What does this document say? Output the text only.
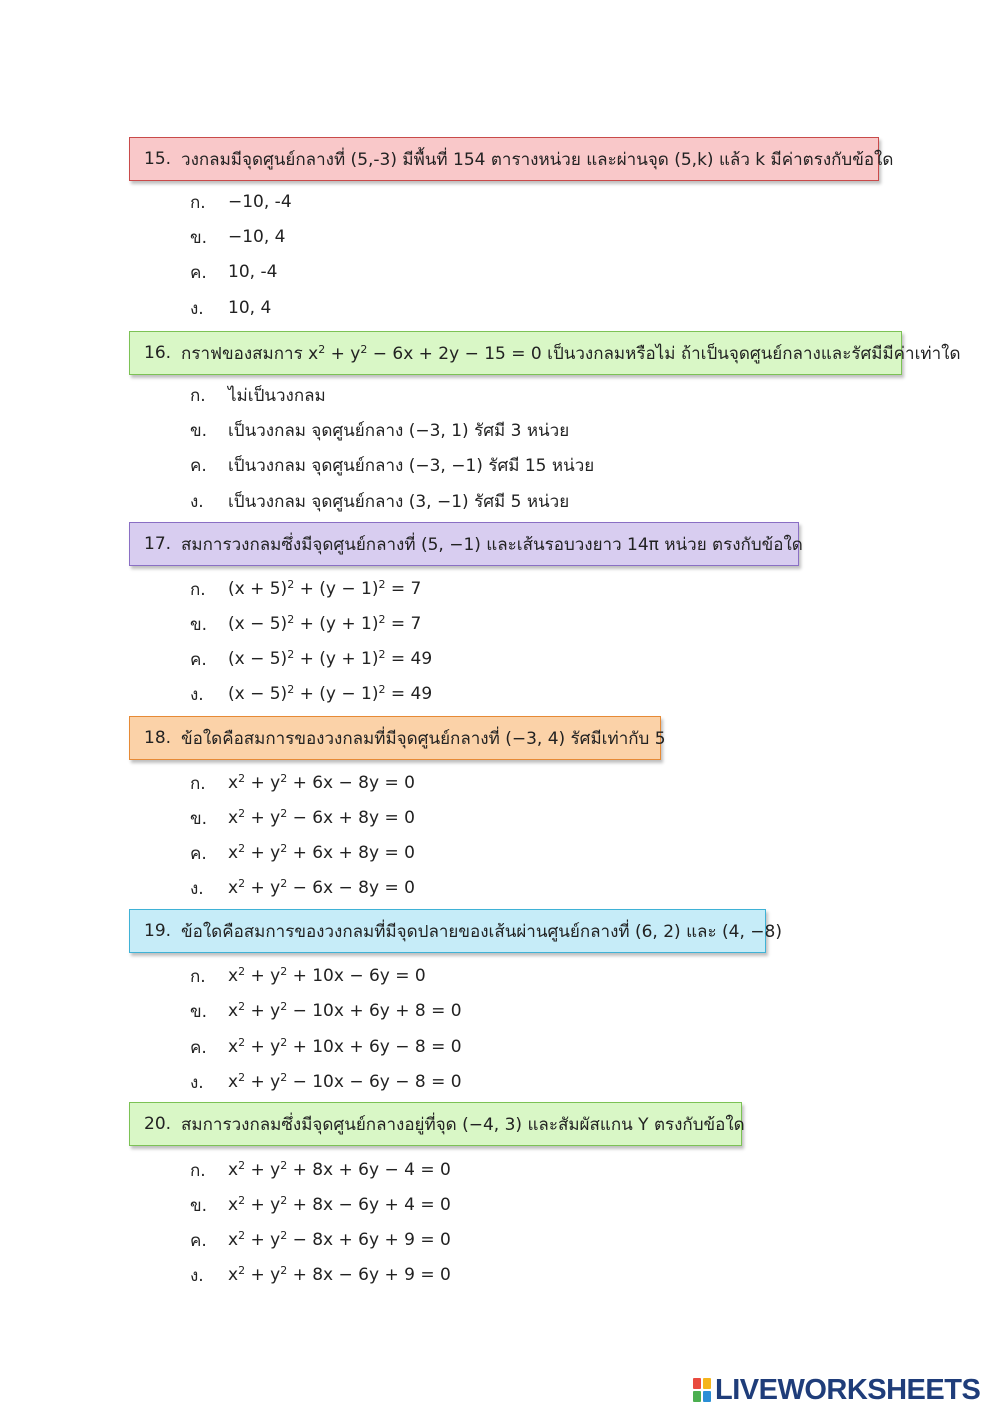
15. วงกลมมีจุดศูนย์กลางที่ (5,-3) มีพื้นที่ 154 ตารางหน่วย และผ่านจุด (5,k) แล้ว k มีค่าตรงกับข้อใด
ก.	−10, -4
ข.	−10, 4
ค.	10, -4
ง.	10, 4
16. กราฟของสมการ $x^2 + y^2 - 6x + 2y - 15 = 0$ เป็นวงกลมหรือไม่ ถ้าเป็นจุดศูนย์กลางและรัศมีมีค่าเท่าใด
ก.	ไม่เป็นวงกลม
ข.	เป็นวงกลม จุดศูนย์กลาง (−3, 1) รัศมี 3 หน่วย
ค.	เป็นวงกลม จุดศูนย์กลาง (−3, −1) รัศมี 15 หน่วย
ง.	เป็นวงกลม จุดศูนย์กลาง (3, −1) รัศมี 5 หน่วย
17. สมการวงกลมซึ่งมีจุดศูนย์กลางที่ (5, −1) และเส้นรอบวงยาว 14π หน่วย ตรงกับข้อใด
ก.	$(x + 5)^2 + (y - 1)^2 = 7$
ข.	$(x - 5)^2 + (y + 1)^2 = 7$
ค.	$(x - 5)^2 + (y + 1)^2 = 49$
ง.	$(x - 5)^2 + (y - 1)^2 = 49$
18. ข้อใดคือสมการของวงกลมที่มีจุดศูนย์กลางที่ (−3, 4) รัศมีเท่ากับ 5
ก.	$x^2 + y^2 + 6x - 8y = 0$
ข.	$x^2 + y^2 - 6x + 8y = 0$
ค.	$x^2 + y^2 + 6x + 8y = 0$
ง.	$x^2 + y^2 - 6x - 8y = 0$
19. ข้อใดคือสมการของวงกลมที่มีจุดปลายของเส้นผ่านศูนย์กลางที่ (6, 2) และ (4, −8)
ก.	$x^2 + y^2 + 10x - 6y = 0$
ข.	$x^2 + y^2 - 10x + 6y + 8 = 0$
ค.	$x^2 + y^2 + 10x + 6y - 8 = 0$
ง.	$x^2 + y^2 - 10x - 6y - 8 = 0$
20. สมการวงกลมซึ่งมีจุดศูนย์กลางอยู่ที่จุด (−4, 3) และสัมผัสแกน Y ตรงกับข้อใด
ก.	$x^2 + y^2 + 8x + 6y - 4 = 0$
ข.	$x^2 + y^2 + 8x - 6y + 4 = 0$
ค.	$x^2 + y^2 - 8x + 6y + 9 = 0$
ง.	$x^2 + y^2 + 8x - 6y + 9 = 0$
LIVEWORKSHEETS
